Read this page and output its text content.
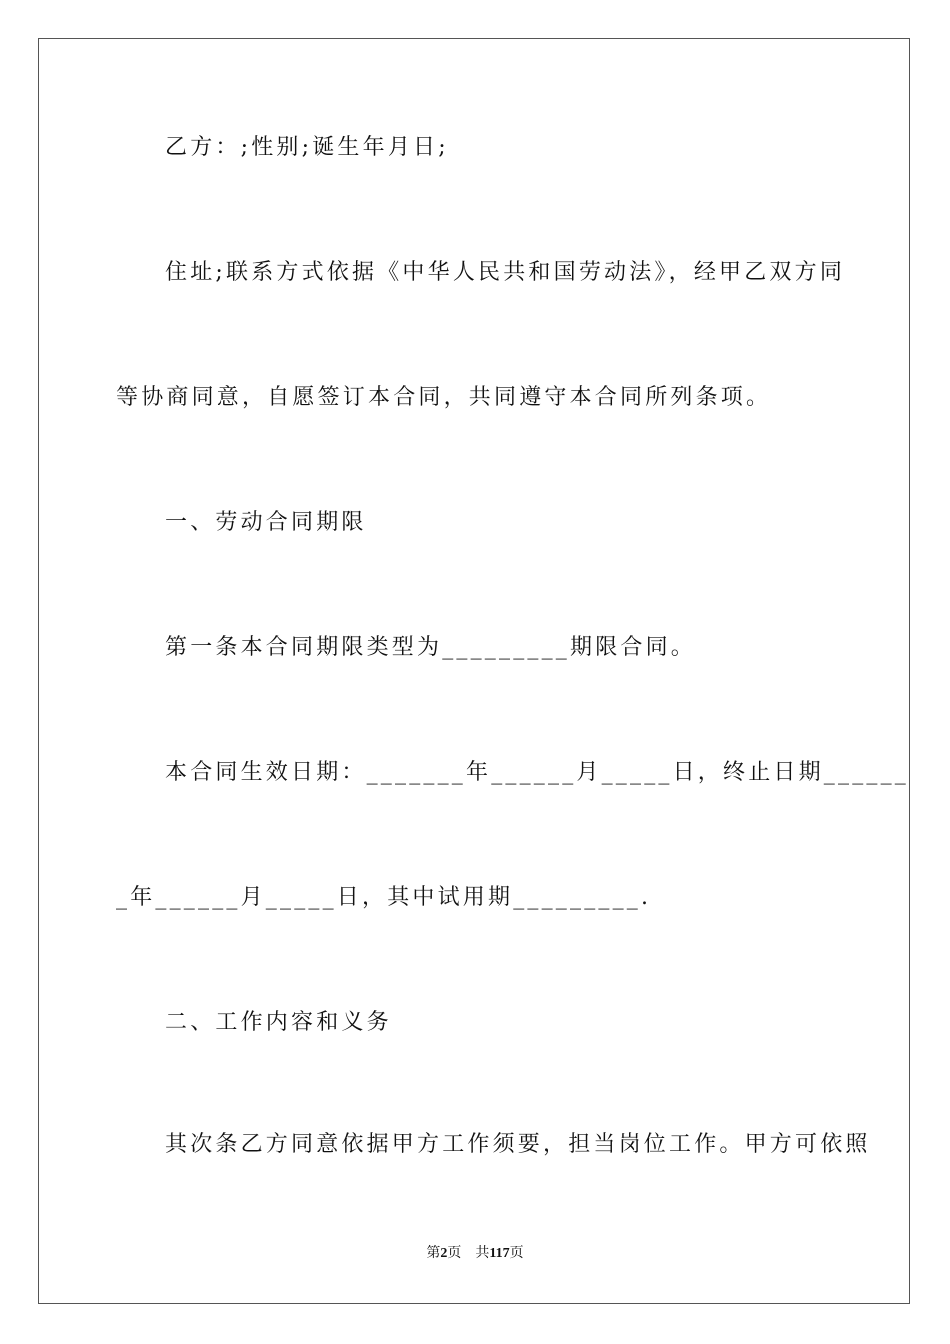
乙方：;性别;诞生年月日;
住址;联系方式依据《中华人民共和国劳动法》，经甲乙双方同
等协商同意，自愿签订本合同，共同遵守本合同所列条项。
一、劳动合同期限
第一条本合同期限类型为_________期限合同。
本合同生效日期：_______年______月_____日，终止日期______
_年______月_____日，其中试用期_________.
二、工作内容和义务
其次条乙方同意依据甲方工作须要，担当岗位工作。甲方可依照
第2页 共117页
